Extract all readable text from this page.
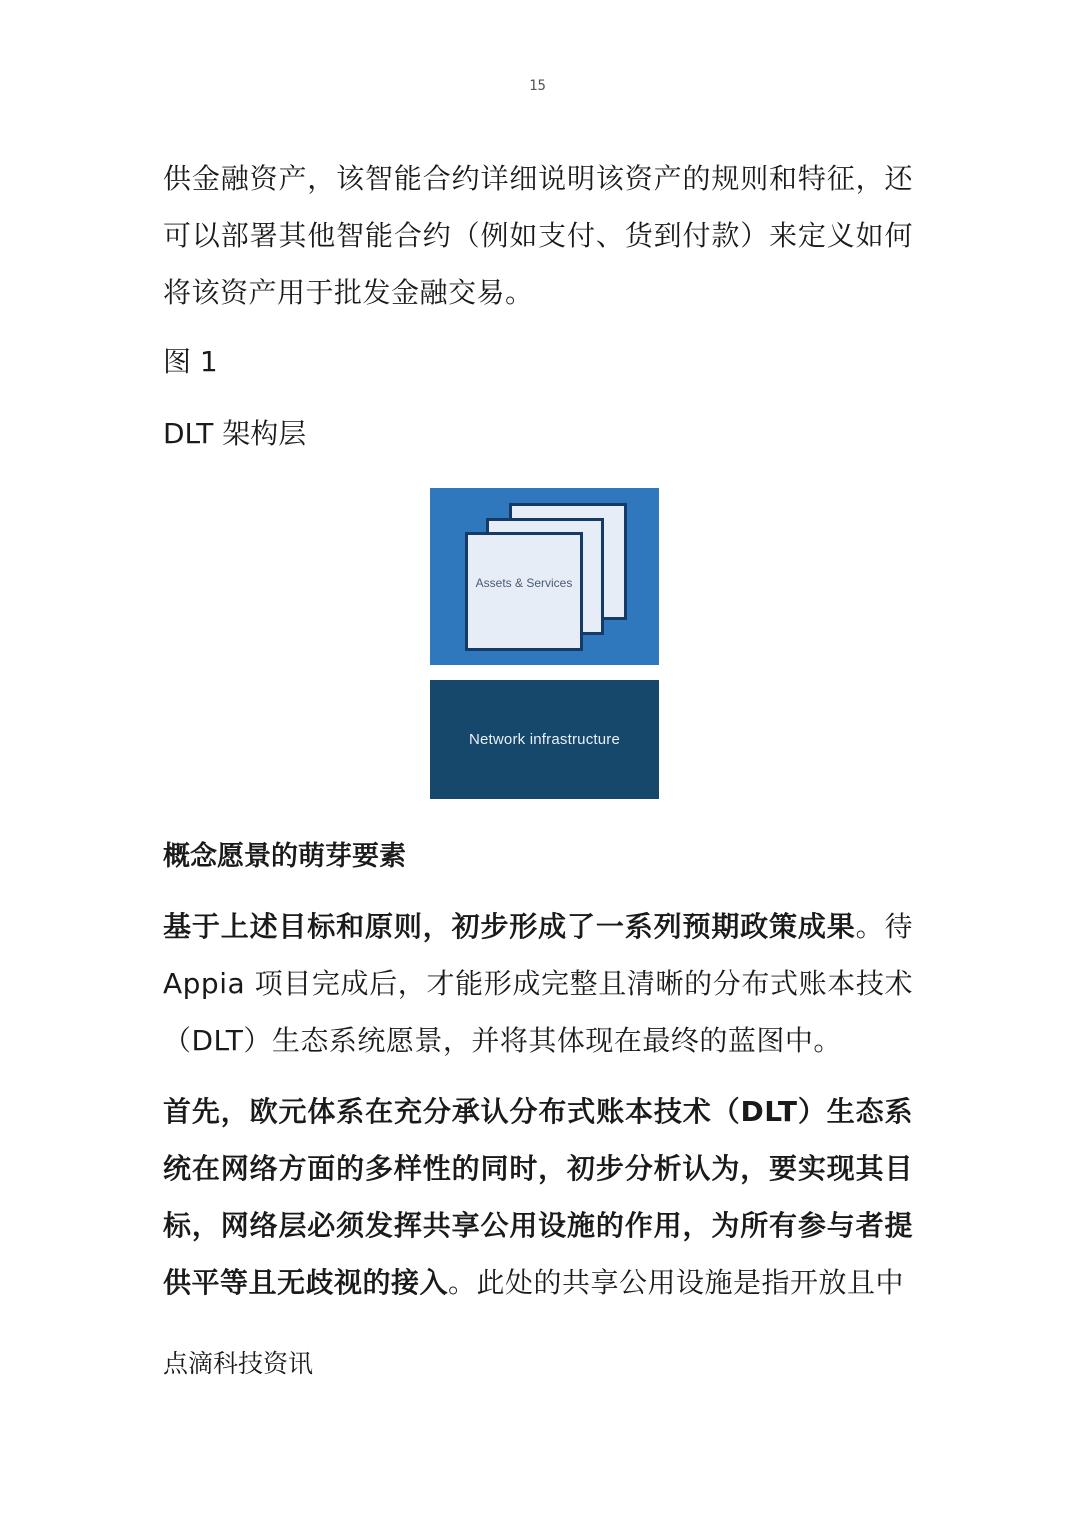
15
供金融资产，该智能合约详细说明该资产的规则和特征，还可以部署其他智能合约（例如支付、货到付款）来定义如何将该资产用于批发金融交易。
图 1
DLT 架构层
Assets & Services
Network infrastructure
概念愿景的萌芽要素
基于上述目标和原则，初步形成了一系列预期政策成果。待Appia 项目完成后，才能形成完整且清晰的分布式账本技术（DLT）生态系统愿景，并将其体现在最终的蓝图中。
首先，欧元体系在充分承认分布式账本技术（DLT）生态系统在网络方面的多样性的同时，初步分析认为，要实现其目标，网络层必须发挥共享公用设施的作用，为所有参与者提供平等且无歧视的接入。此处的共享公用设施是指开放且中
点滴科技资讯
